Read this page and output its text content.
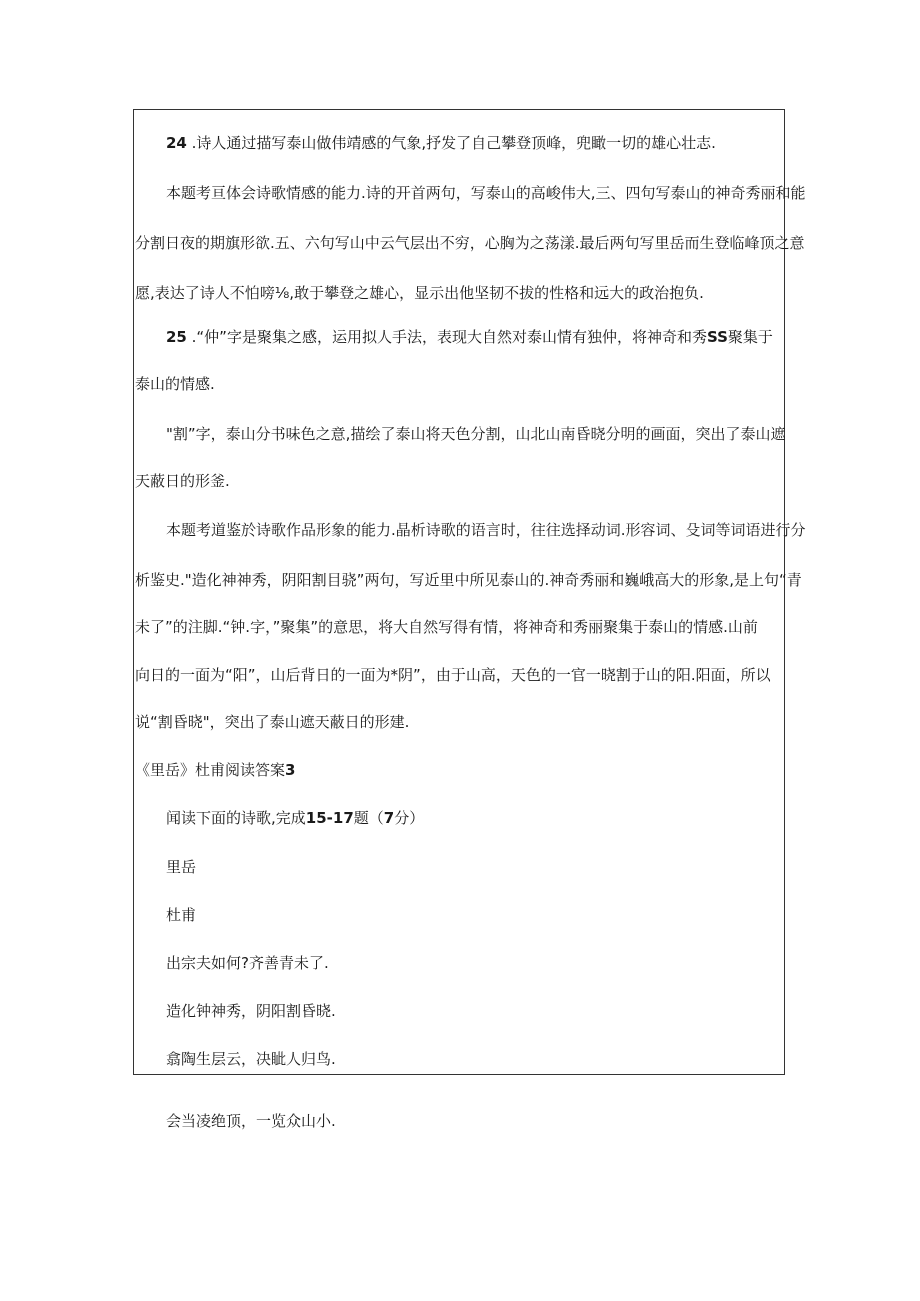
24 .诗人通过描写泰山做伟靖感的气象,抒发了自己攀登顶峰，兜瞰一切的雄心壮志.
本题考亘体会诗歌情感的能力.诗的开首两句，写泰山的高峻伟大,三、四句写泰山的神奇秀丽和能
分割日夜的期旗形欲.五、六句写山中云气层出不穷，心胸为之荡漾.最后两句写里岳而生登临峰顶之意
愿,表达了诗人不怕嗙⅛,敢于攀登之雄心，显示出他坚韧不拔的性格和远大的政治抱负.
25 .“仲”字是聚集之感，运用拟人手法，表现大自然对泰山情有独仲，将神奇和秀SS聚集于
泰山的情感.
"割”字，泰山分书味色之意,描绘了泰山将天色分割，山北山南昏晓分明的画面，突出了泰山遮
天蔽日的形釜.
本题考道鉴於诗歌作品形象的能力.晶析诗歌的语言时，往往选择动词.形容词、殳词等词语进行分
析鉴史."造化神神秀，阴阳割目骁”两句，写近里中所见泰山的.神奇秀丽和巍峨高大的形象,是上句“青
未了”的注脚.“钟.字，”聚集”的意思，将大自然写得有情，将神奇和秀丽聚集于泰山的情感.山前
向日的一面为“阳”，山后背日的一面为*阴”，由于山高，天色的一官一晓割于山的阳.阳面，所以
说“割昏晓"，突出了泰山遮天蔽日的形建.
《里岳》杜甫阅读答案3
闻读下面的诗歌,完成15-17题（7分）
里岳
杜甫
出宗夫如何?齐善青未了.
造化钟神秀，阴阳割昏晓.
翕陶生层云，决眦人归鸟.
会当凌绝顶，一览众山小.
